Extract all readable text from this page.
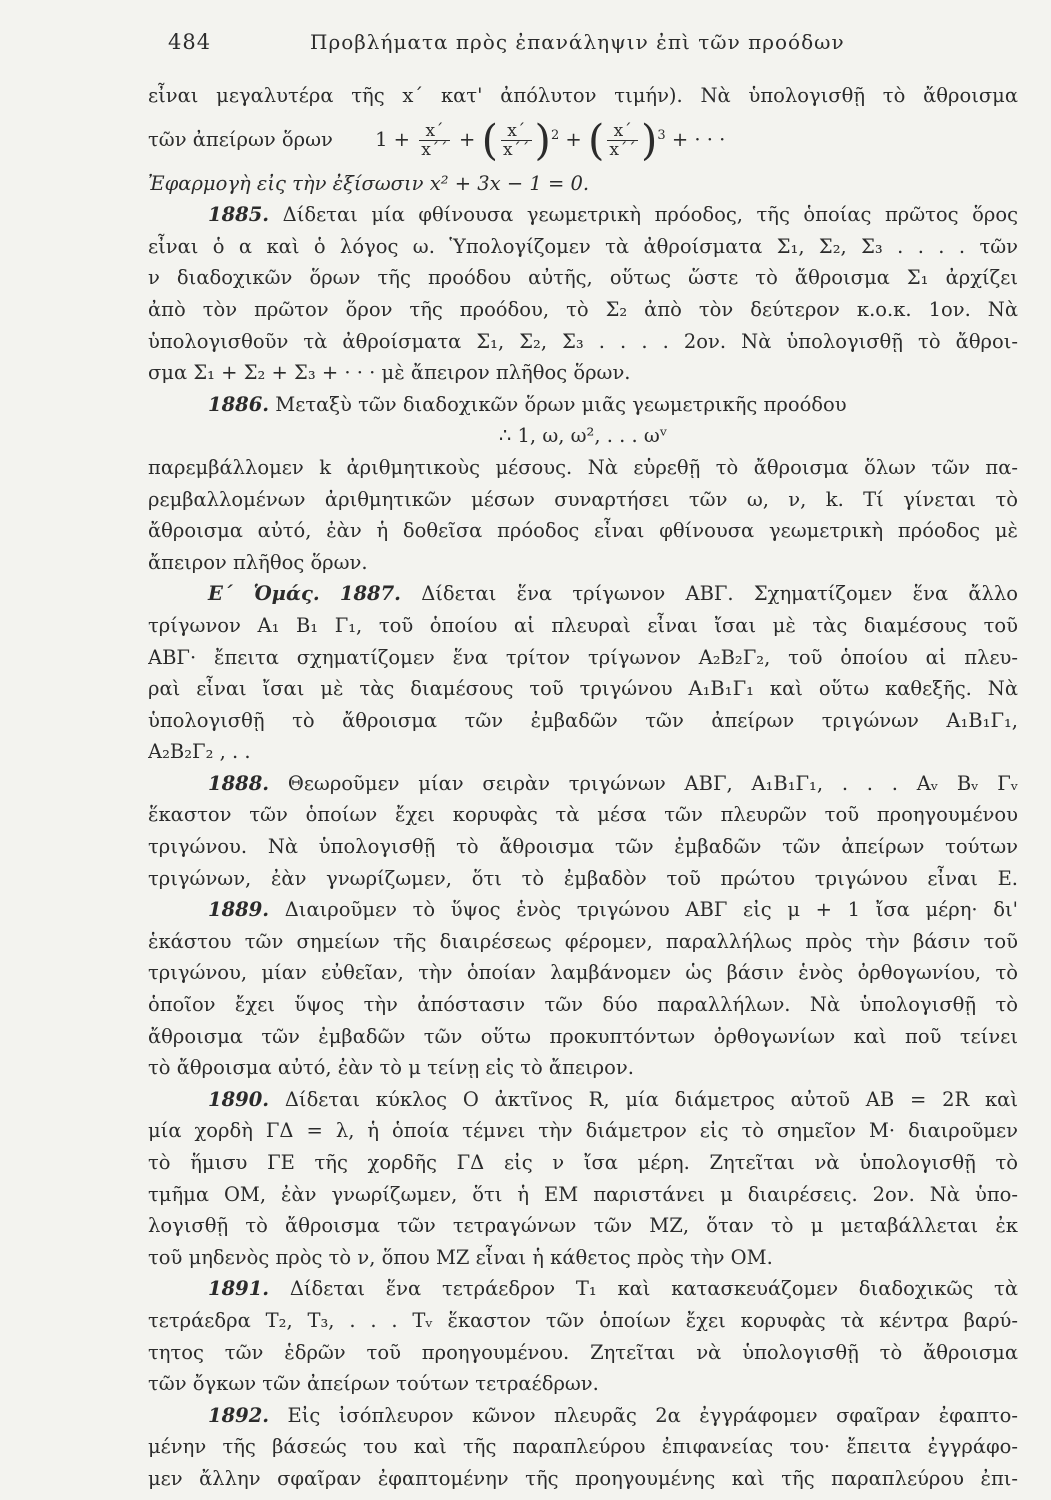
484	Προβλήματα πρὸς ἐπανάληψιν ἐπὶ τῶν προόδων
εἶναι μεγαλυτέρα τῆς x΄ κατ' ἀπόλυτον τιμήν). Νὰ ὑπολογισθῇ τὸ ἄθροισμα
τῶν ἀπείρων ὅρων $1 + \frac{x΄}{x΄΄}$ + ( $\frac{x΄}{x΄΄} )^2$ + ( $\frac{x΄}{x΄΄} )^3$ + · · ·
Ἐφαρμογὴ εἰς τὴν ἐξίσωσιν x² + 3x − 1 = 0.
1885. Δίδεται μία φθίνουσα γεωμετρικὴ πρόοδος, τῆς ὁποίας πρῶτος ὅρος
εἶναι ὁ α καὶ ὁ λόγος ω. Ὑπολογίζομεν τὰ ἀθροίσματα Σ₁, Σ₂, Σ₃ . . . . τῶν
ν διαδοχικῶν ὅρων τῆς προόδου αὐτῆς, οὕτως ὥστε τὸ ἄθροισμα Σ₁ ἀρχίζει
ἀπὸ τὸν πρῶτον ὅρον τῆς προόδου, τὸ Σ₂ ἀπὸ τὸν δεύτερον κ.ο.κ. 1ον. Νὰ
ὑπολογισθοῦν τὰ ἀθροίσματα Σ₁, Σ₂, Σ₃ . . . . 2ον. Νὰ ὑπολογισθῇ τὸ ἄθροι-
σμα Σ₁ + Σ₂ + Σ₃ + · · · μὲ ἄπειρον πλῆθος ὅρων.
1886. Μεταξὺ τῶν διαδοχικῶν ὅρων μιᾶς γεωμετρικῆς προόδου
∴ 1, ω, ω², . . . ωᵛ
παρεμβάλλομεν k ἀριθμητικοὺς μέσους. Νὰ εὑρεθῇ τὸ ἄθροισμα ὅλων τῶν πα-
ρεμβαλλομένων ἀριθμητικῶν μέσων συναρτήσει τῶν ω, ν, k. Τί γίνεται τὸ
ἄθροισμα αὐτό, ἐὰν ἡ δοθεῖσα πρόοδος εἶναι φθίνουσα γεωμετρικὴ πρόοδος μὲ
ἄπειρον πλῆθος ὅρων.
Ε΄ Ὁμάς. 1887. Δίδεται ἕνα τρίγωνον ΑΒΓ. Σχηματίζομεν ἕνα ἄλλο
τρίγωνον Α₁ Β₁ Γ₁, τοῦ ὁποίου αἱ πλευραὶ εἶναι ἴσαι μὲ τὰς διαμέσους τοῦ
ΑΒΓ· ἔπειτα σχηματίζομεν ἕνα τρίτον τρίγωνον Α₂Β₂Γ₂, τοῦ ὁποίου αἱ πλευ-
ραὶ εἶναι ἴσαι μὲ τὰς διαμέσους τοῦ τριγώνου Α₁Β₁Γ₁ καὶ οὕτω καθεξῆς. Νὰ
ὑπολογισθῇ τὸ ἄθροισμα τῶν ἐμβαδῶν τῶν ἀπείρων τριγώνων Α₁Β₁Γ₁,
Α₂Β₂Γ₂ , . .
1888. Θεωροῦμεν μίαν σειρὰν τριγώνων ΑΒΓ, Α₁Β₁Γ₁, . . . Αᵥ Βᵥ Γᵥ
ἕκαστον τῶν ὁποίων ἔχει κορυφὰς τὰ μέσα τῶν πλευρῶν τοῦ προηγουμένου
τριγώνου. Νὰ ὑπολογισθῇ τὸ ἄθροισμα τῶν ἐμβαδῶν τῶν ἀπείρων τούτων
τριγώνων, ἐὰν γνωρίζωμεν, ὅτι τὸ ἐμβαδὸν τοῦ πρώτου τριγώνου εἶναι Ε.
1889. Διαιροῦμεν τὸ ὕψος ἑνὸς τριγώνου ΑΒΓ εἰς μ + 1 ἴσα μέρη· δι'
ἑκάστου τῶν σημείων τῆς διαιρέσεως φέρομεν, παραλλήλως πρὸς τὴν βάσιν τοῦ
τριγώνου, μίαν εὐθεῖαν, τὴν ὁποίαν λαμβάνομεν ὡς βάσιν ἑνὸς ὀρθογωνίου, τὸ
ὁποῖον ἔχει ὕψος τὴν ἀπόστασιν τῶν δύο παραλλήλων. Νὰ ὑπολογισθῇ τὸ
ἄθροισμα τῶν ἐμβαδῶν τῶν οὕτω προκυπτόντων ὀρθογωνίων καὶ ποῦ τείνει
τὸ ἄθροισμα αὐτό, ἐὰν τὸ μ τείνῃ εἰς τὸ ἄπειρον.
1890. Δίδεται κύκλος Ο ἀκτῖνος R, μία διάμετρος αὐτοῦ ΑΒ = 2R καὶ
μία χορδὴ ΓΔ = λ, ἡ ὁποία τέμνει τὴν διάμετρον εἰς τὸ σημεῖον Μ· διαιροῦμεν
τὸ ἥμισυ ΓΕ τῆς χορδῆς ΓΔ εἰς ν ἴσα μέρη. Ζητεῖται νὰ ὑπολογισθῇ τὸ
τμῆμα ΟΜ, ἐὰν γνωρίζωμεν, ὅτι ἡ ΕΜ παριστάνει μ διαιρέσεις. 2ον. Νὰ ὑπο-
λογισθῇ τὸ ἄθροισμα τῶν τετραγώνων τῶν ΜΖ, ὅταν τὸ μ μεταβάλλεται ἐκ
τοῦ μηδενὸς πρὸς τὸ ν, ὅπου ΜΖ εἶναι ἡ κάθετος πρὸς τὴν ΟΜ.
1891. Δίδεται ἕνα τετράεδρον Τ₁ καὶ κατασκευάζομεν διαδοχικῶς τὰ
τετράεδρα Τ₂, Τ₃, . . . Τᵥ ἕκαστον τῶν ὁποίων ἔχει κορυφὰς τὰ κέντρα βαρύ-
τητος τῶν ἑδρῶν τοῦ προηγουμένου. Ζητεῖται νὰ ὑπολογισθῇ τὸ ἄθροισμα
τῶν ὄγκων τῶν ἀπείρων τούτων τετραέδρων.
1892. Εἰς ἰσόπλευρον κῶνον πλευρᾶς 2α ἐγγράφομεν σφαῖραν ἐφαπτο-
μένην τῆς βάσεώς του καὶ τῆς παραπλεύρου ἐπιφανείας του· ἔπειτα ἐγγράφο-
μεν ἄλλην σφαῖραν ἐφαπτομένην τῆς προηγουμένης καὶ τῆς παραπλεύρου ἐπι-
